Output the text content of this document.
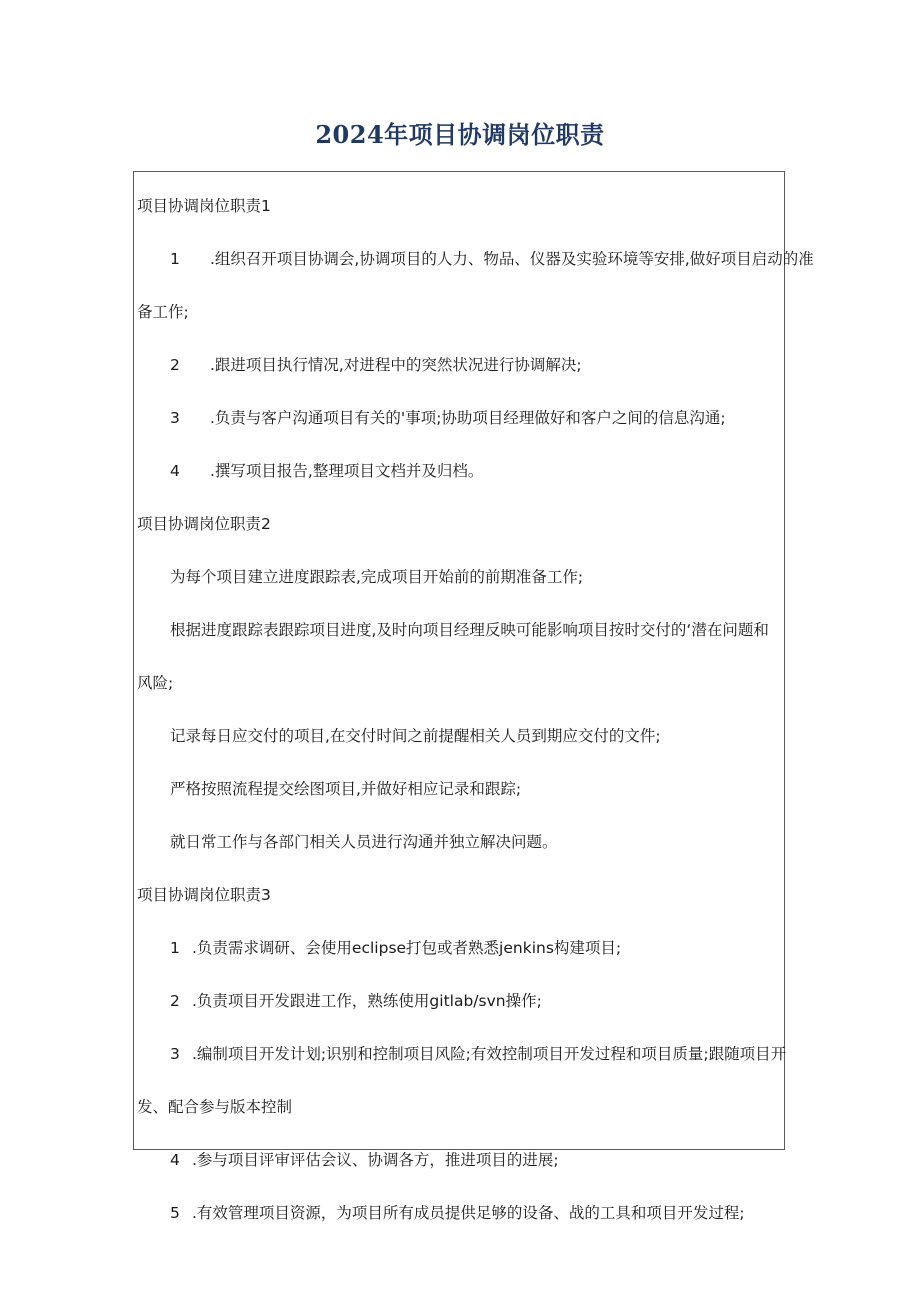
2024年项目协调岗位职责
项目协调岗位职责1
1 .组织召开项目协调会,协调项目的人力、物品、仪器及实验环境等安排,做好项目启动的准
备工作;
2 .跟进项目执行情况,对进程中的突然状况进行协调解决;
3 .负责与客户沟通项目有关的'事项;协助项目经理做好和客户之间的信息沟通;
4 .撰写项目报告,整理项目文档并及归档。
项目协调岗位职责2
为每个项目建立进度跟踪表,完成项目开始前的前期准备工作;
根据进度跟踪表跟踪项目进度,及时向项目经理反映可能影响项目按时交付的‘潜在问题和
风险;
记录每日应交付的项目,在交付时间之前提醒相关人员到期应交付的文件;
严格按照流程提交绘图项目,并做好相应记录和跟踪;
就日常工作与各部门相关人员进行沟通并独立解决问题。
项目协调岗位职责3
1 .负责需求调研、会使用eclipse打包或者熟悉jenkins构建项目;
2 .负责项目开发跟进工作，熟练使用gitlab/svn操作;
3 .编制项目开发计划;识别和控制项目风险;有效控制项目开发过程和项目质量;跟随项目开
发、配合参与版本控制
4 .参与项目评审评估会议、协调各方，推进项目的进展;
5 .有效管理项目资源，为项目所有成员提供足够的设备、战的工具和项目开发过程;
